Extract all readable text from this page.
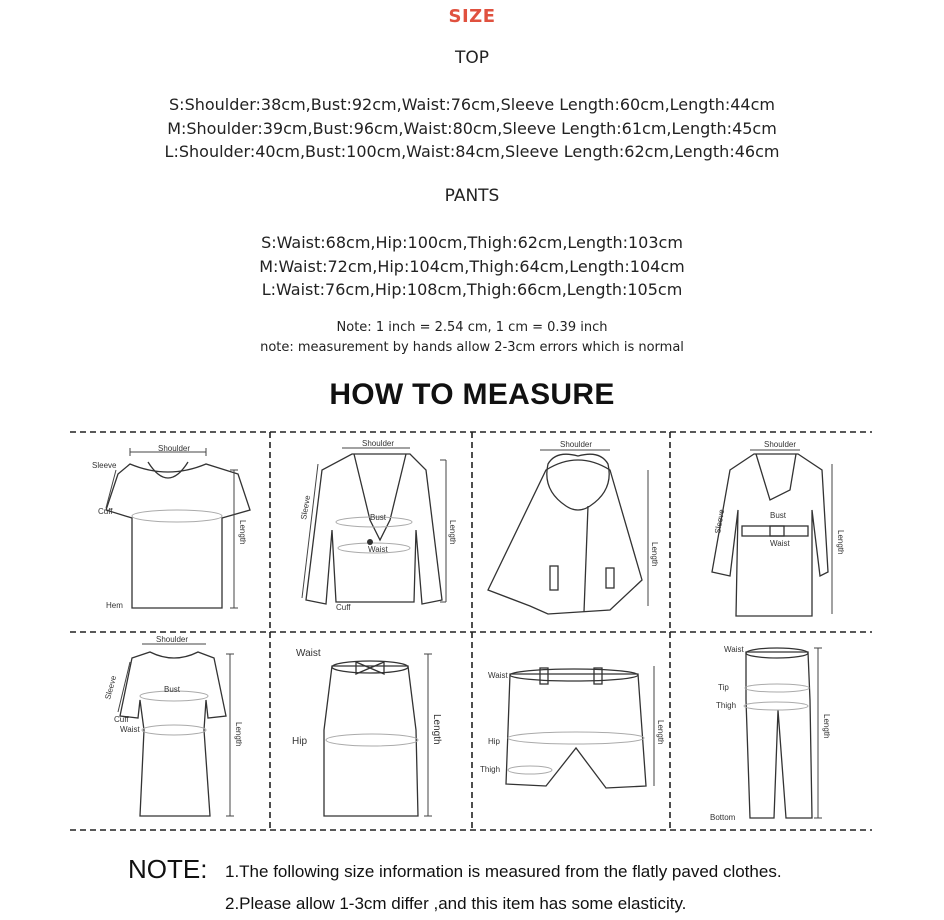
SIZE
TOP
S:Shoulder:38cm,Bust:92cm,Waist:76cm,Sleeve Length:60cm,Length:44cm
M:Shoulder:39cm,Bust:96cm,Waist:80cm,Sleeve Length:61cm,Length:45cm
L:Shoulder:40cm,Bust:100cm,Waist:84cm,Sleeve Length:62cm,Length:46cm
PANTS
S:Waist:68cm,Hip:100cm,Thigh:62cm,Length:103cm
M:Waist:72cm,Hip:104cm,Thigh:64cm,Length:104cm
L:Waist:76cm,Hip:108cm,Thigh:66cm,Length:105cm
Note: 1 inch = 2.54 cm, 1 cm = 0.39 inch
note: measurement by hands allow 2-3cm errors which is normal
HOW TO MEASURE
Shoulder
Sleeve
Cuff
Hem
Length
Shoulder
Bust
Waist
Cuff
Sleeve
Length
Shoulder
Length
Shoulder
Bust
Waist
Sleeve
Length
Shoulder
Bust
Cuff
Waist
Sleeve
Length
Waist
Hip	Length
Waist
Hip
Thigh
Length
Waist
Tip
Thigh
Bottom
Length
NOTE: 1.The following size information is measured from the flatly paved clothes.
2.Please allow 1-3cm differ ,and this item has some elasticity.
